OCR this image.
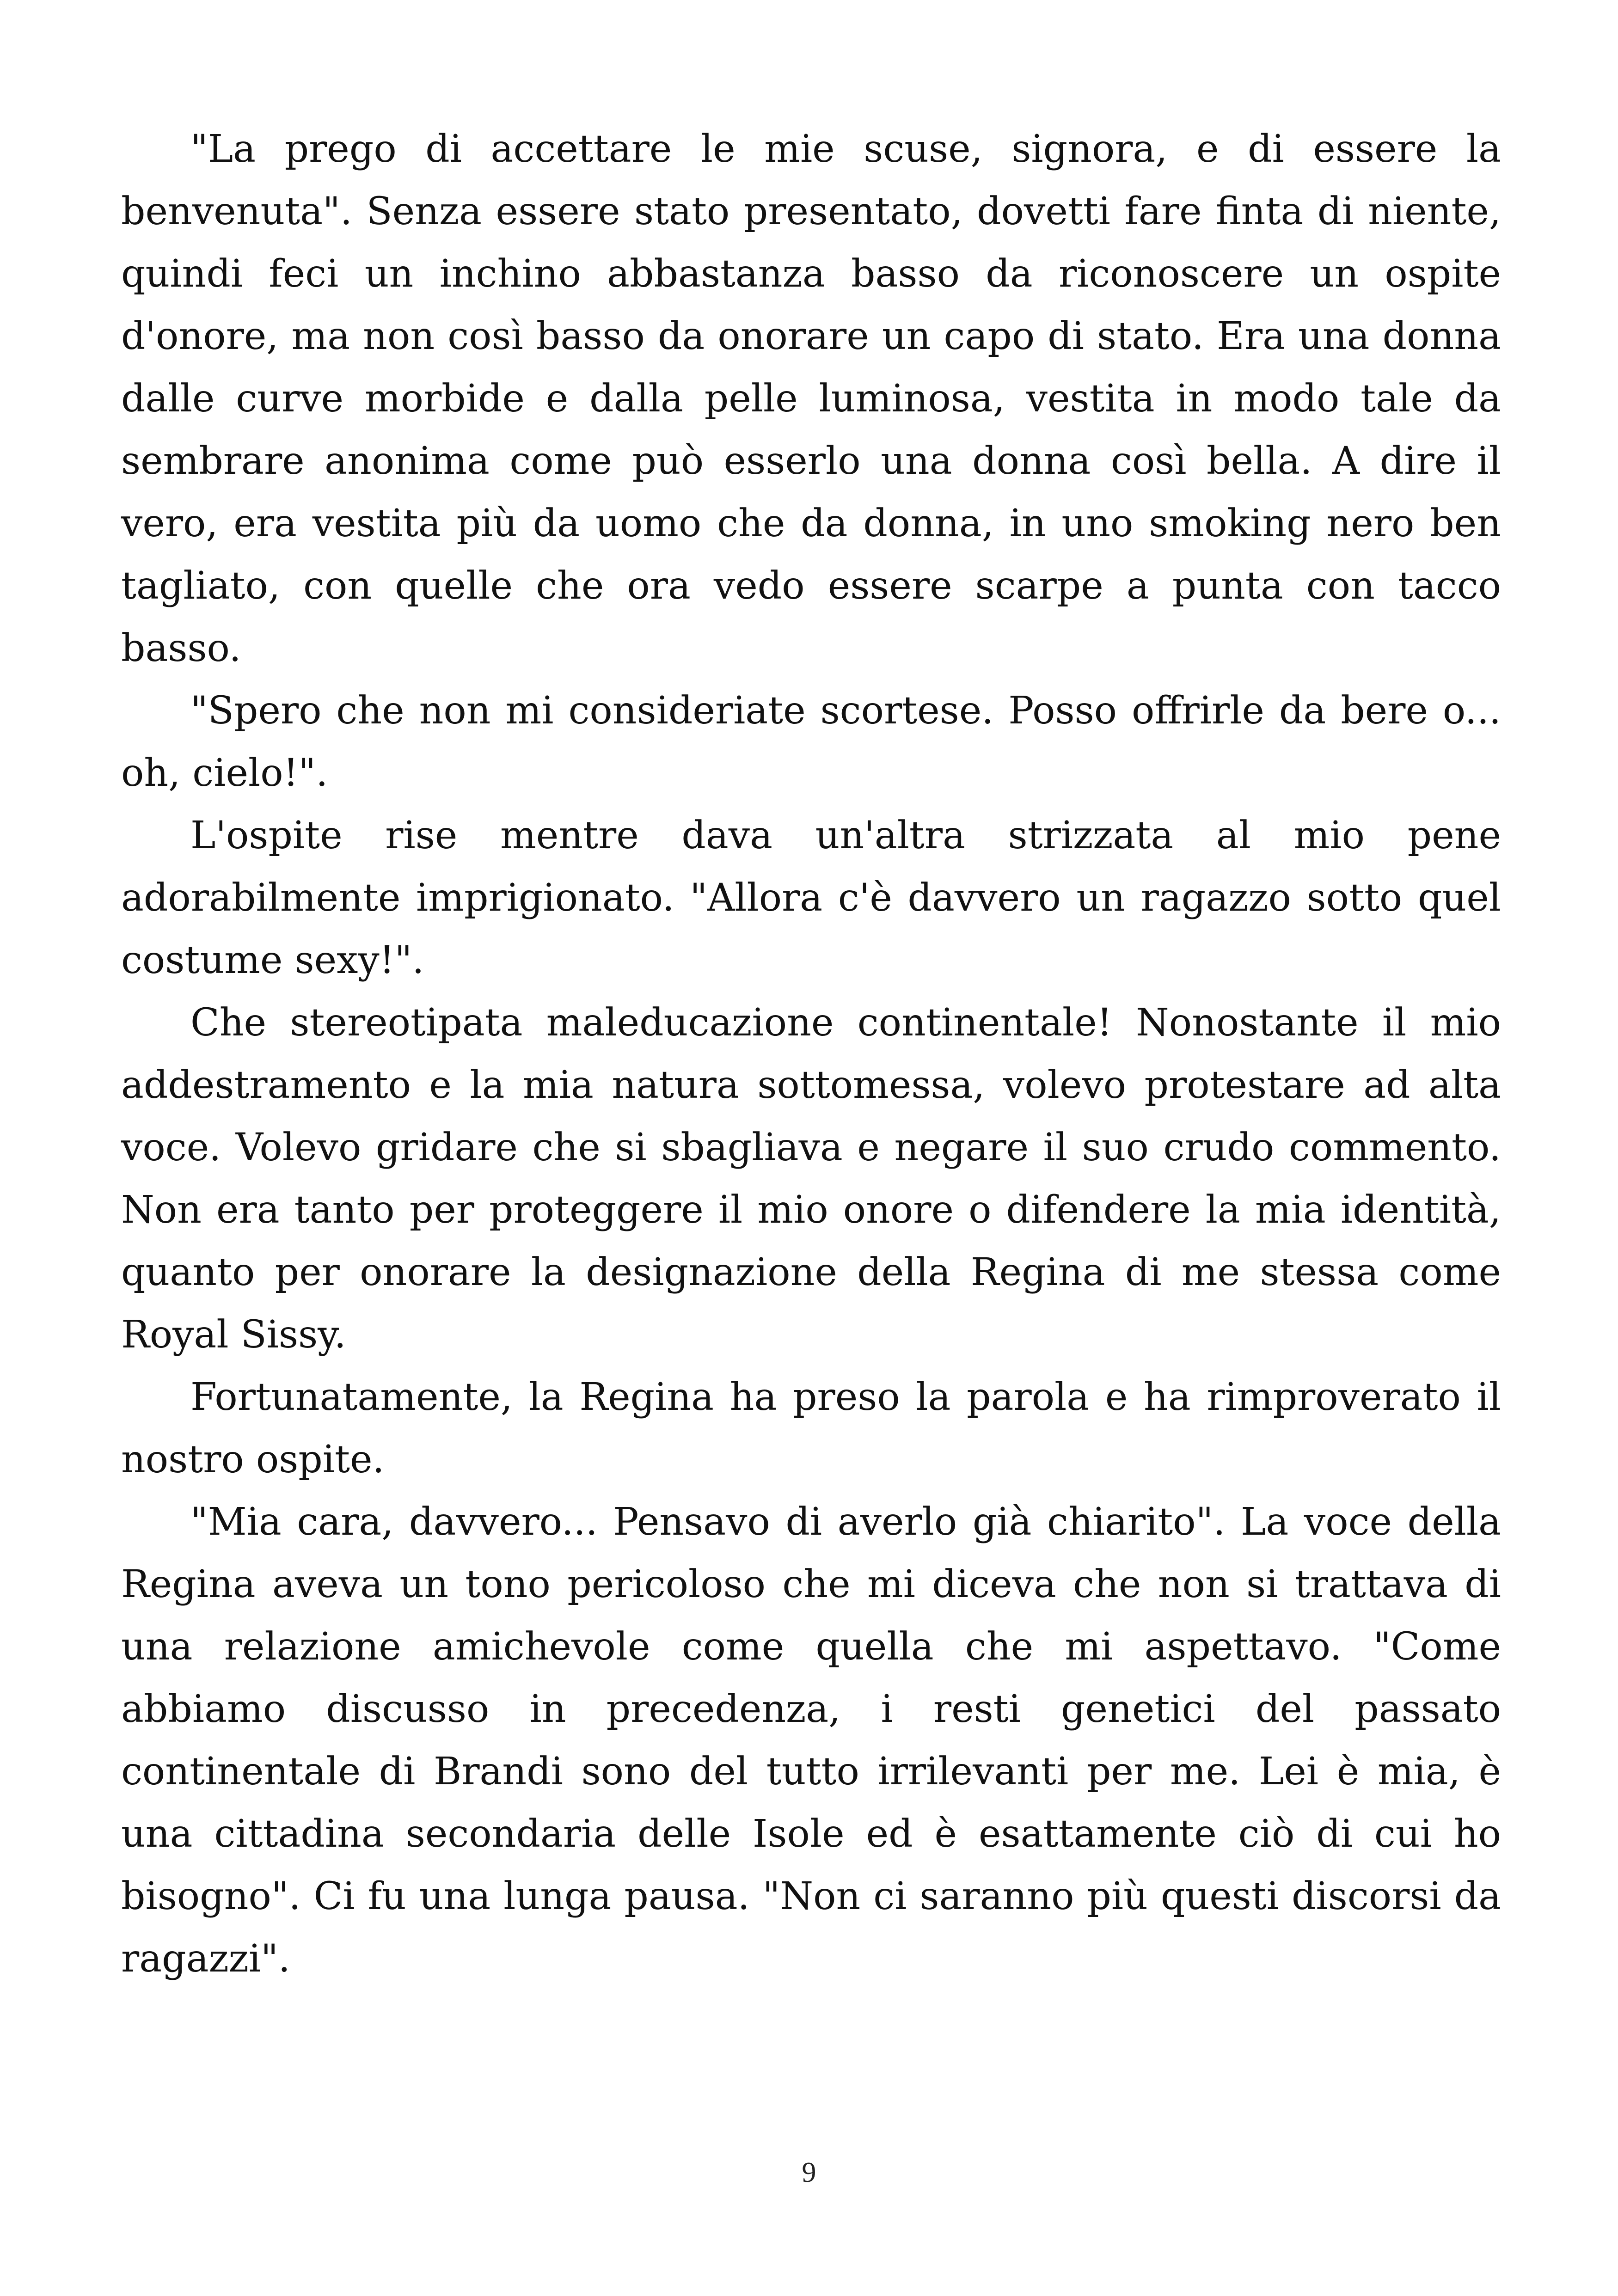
"La prego di accettare le mie scuse, signora, e di essere la benvenuta". Senza essere stato presentato, dovetti fare finta di niente, quindi feci un inchino abbastanza basso da riconoscere un ospite d'onore, ma non così basso da onorare un capo di stato. Era una donna dalle curve morbide e dalla pelle luminosa, vestita in modo tale da sembrare anonima come può esserlo una donna così bella. A dire il vero, era vestita più da uomo che da donna, in uno smoking nero ben tagliato, con quelle che ora vedo essere scarpe a punta con tacco basso.

"Spero che non mi consideriate scortese. Posso offrirle da bere o... oh, cielo!".

L'ospite rise mentre dava un'altra strizzata al mio pene adorabilmente imprigionato. "Allora c'è davvero un ragazzo sotto quel costume sexy!".

Che stereotipata maleducazione continentale! Nonostante il mio addestramento e la mia natura sottomessa, volevo protestare ad alta voce. Volevo gridare che si sbagliava e negare il suo crudo commento. Non era tanto per proteggere il mio onore o difendere la mia identità, quanto per onorare la designazione della Regina di me stessa come Royal Sissy.

Fortunatamente, la Regina ha preso la parola e ha rimproverato il nostro ospite.

"Mia cara, davvero... Pensavo di averlo già chiarito". La voce della Regina aveva un tono pericoloso che mi diceva che non si trattava di una relazione amichevole come quella che mi aspettavo. "Come abbiamo discusso in precedenza, i resti genetici del passato continentale di Brandi sono del tutto irrilevanti per me. Lei è mia, è una cittadina secondaria delle Isole ed è esattamente ciò di cui ho bisogno". Ci fu una lunga pausa. "Non ci saranno più questi discorsi da ragazzi".

9
